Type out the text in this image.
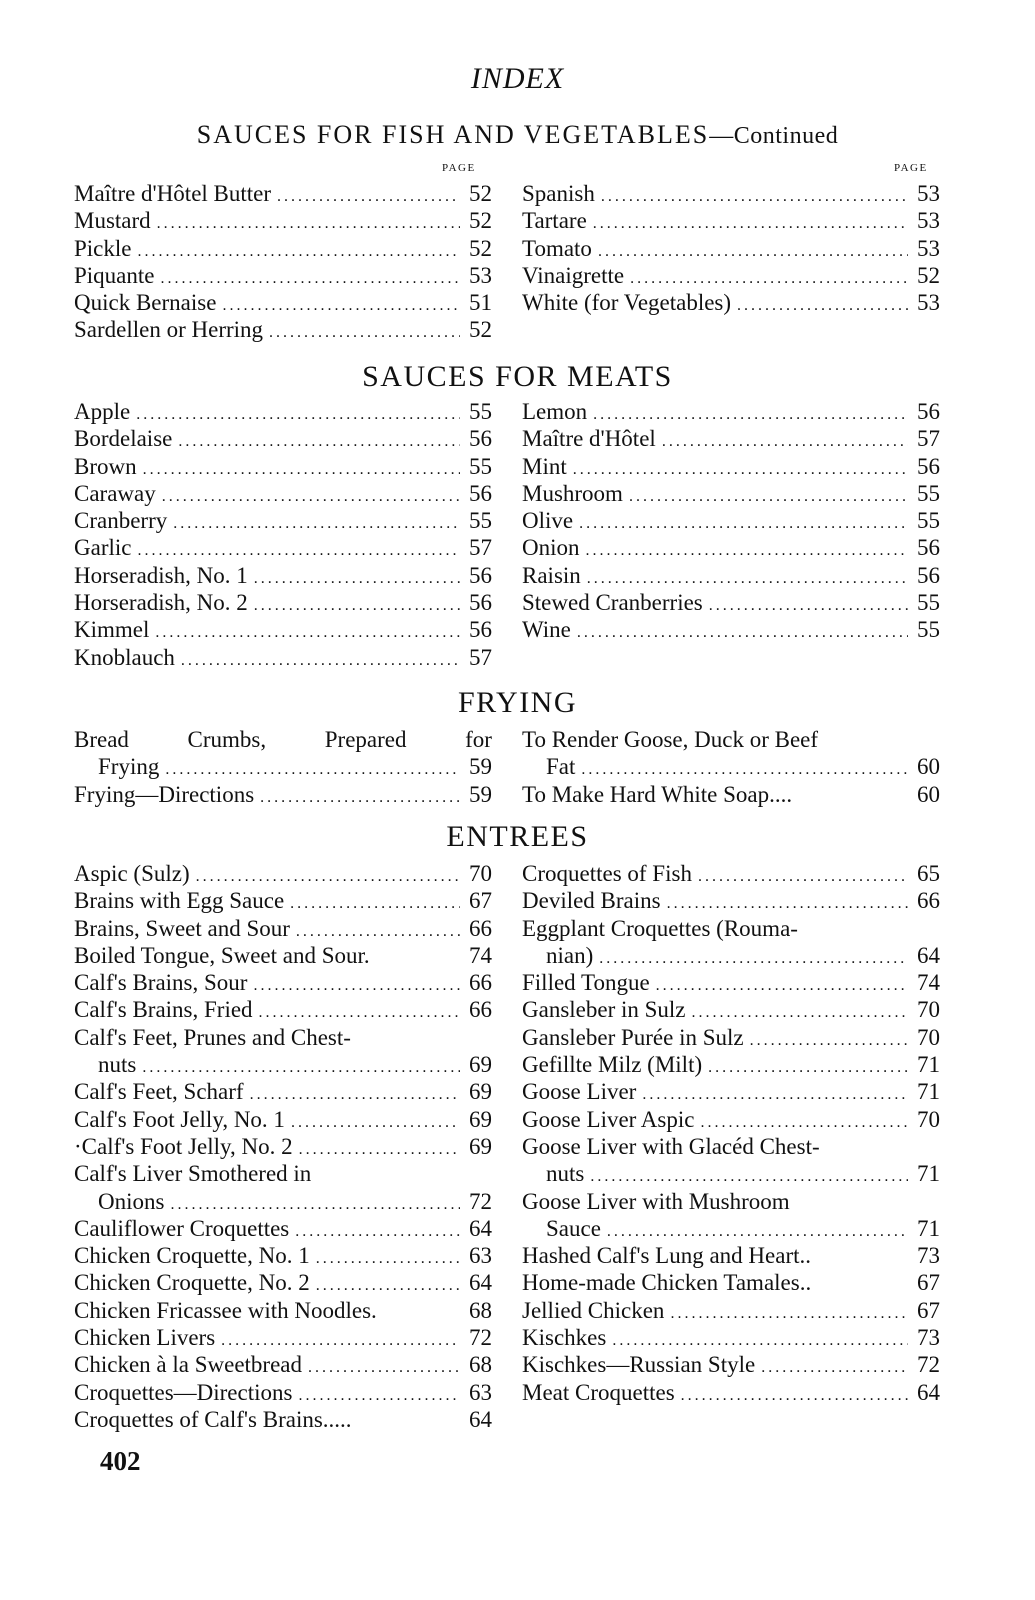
INDEX
SAUCES FOR FISH AND VEGETABLES—Continued
PAGE	PAGE
Maître d'Hôtel Butter .....	52
Mustard .....	52
Pickle .....	52
Piquante .....	53
Quick Bernaise .....	51
Sardellen or Herring .....	52
Spanish .....	53
Tartare .....	53
Tomato .....	53
Vinaigrette .....	52
White (for Vegetables) .....	53
SAUCES FOR MEATS
Apple .....	55
Bordelaise .....	56
Brown .....	55
Caraway .....	56
Cranberry .....	55
Garlic .....	57
Horseradish, No. 1 .....	56
Horseradish, No. 2 .....	56
Kimmel .....	56
Knoblauch .....	57
Lemon .....	56
Maître d'Hôtel .....	57
Mint .....	56
Mushroom .....	55
Olive .....	55
Onion .....	56
Raisin .....	56
Stewed Cranberries .....	55
Wine .....	55
FRYING
Bread	Crumbs,	Prepared	for
Frying .....	59
Frying—Directions .....	59
To Render Goose, Duck or Beef
Fat .....	60
To Make Hard White Soap....	60
ENTREES
Aspic (Sulz) .....	70
Brains with Egg Sauce .....	67
Brains, Sweet and Sour .....	66
Boiled Tongue, Sweet and Sour.	74
Calf's Brains, Sour .....	66
Calf's Brains, Fried .....	66
Calf's Feet, Prunes and Chest-
nuts .....	69
Calf's Feet, Scharf .....	69
Calf's Foot Jelly, No. 1 .....	69
·Calf's Foot Jelly, No. 2 .....	69
Calf's Liver Smothered in
Onions .....	72
Cauliflower Croquettes .....	64
Chicken Croquette, No. 1 .....	63
Chicken Croquette, No. 2 .....	64
Chicken Fricassee with Noodles.	68
Chicken Livers .....	72
Chicken à la Sweetbread .....	68
Croquettes—Directions .....	63
Croquettes of Calf's Brains.....	64
Croquettes of Fish .....	65
Deviled Brains .....	66
Eggplant Croquettes (Rouma-
nian) .....	64
Filled Tongue .....	74
Gansleber in Sulz .....	70
Gansleber Purée in Sulz .....	70
Gefillte Milz (Milt) .....	71
Goose Liver .....	71
Goose Liver Aspic .....	70
Goose Liver with Glacéd Chest-
nuts .....	71
Goose Liver with Mushroom
Sauce .....	71
Hashed Calf's Lung and Heart..	73
Home-made Chicken Tamales..	67
Jellied Chicken .....	67
Kischkes .....	73
Kischkes—Russian Style .....	72
Meat Croquettes .....	64
402
